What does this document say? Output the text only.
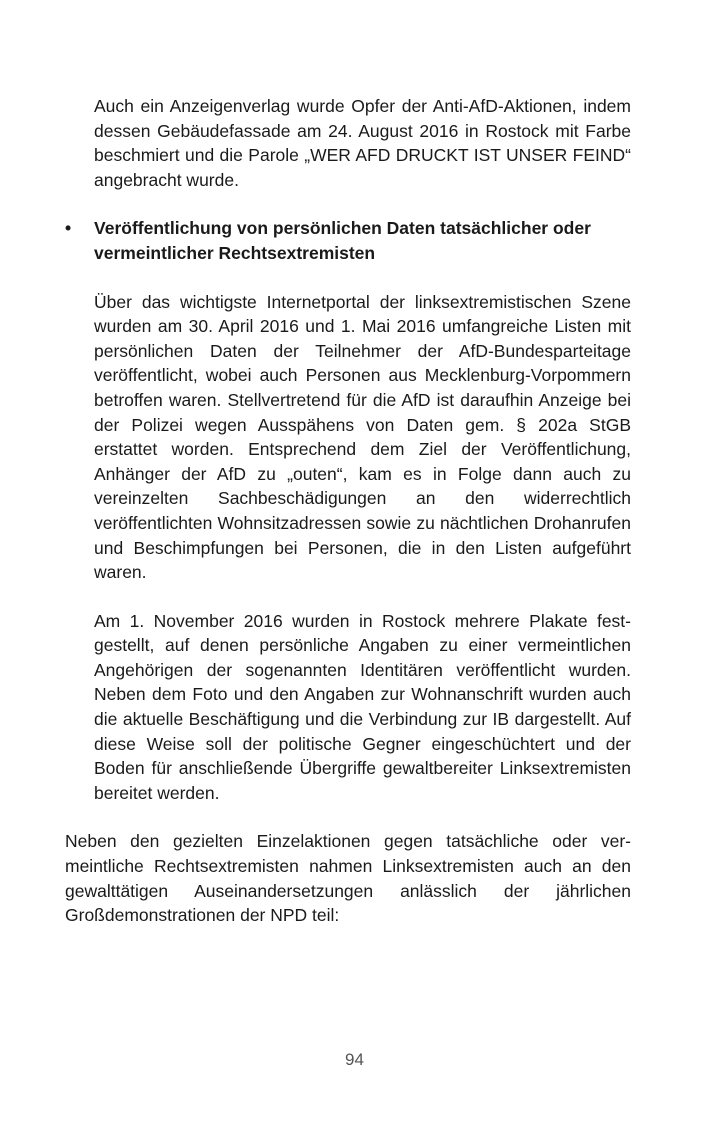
Auch ein Anzeigenverlag wurde Opfer der Anti-AfD-Aktionen, indem dessen Gebäudefassade am 24. August 2016 in Rostock mit Farbe beschmiert und die Parole „WER AFD DRUCKT IST UNSER FEIND“ angebracht wurde.

• Veröffentlichung von persönlichen Daten tatsächlicher oder vermeintlicher Rechtsextremisten

Über das wichtigste Internetportal der linksextremistischen Szene wurden am 30. April 2016 und 1. Mai 2016 umfangreiche Listen mit persönlichen Daten der Teilnehmer der AfD-Bundesparteitage veröffentlicht, wobei auch Personen aus Mecklenburg-Vorpommern betroffen waren. Stellvertretend für die AfD ist daraufhin Anzeige bei der Polizei wegen Ausspähens von Daten gem. § 202a StGB erstattet worden. Entsprechend dem Ziel der Veröffentlichung, Anhänger der AfD zu „outen“, kam es in Folge dann auch zu vereinzelten Sachbeschädigungen an den widerrechtlich veröffentlichten Wohnsitzadressen sowie zu nächtlichen Drohanrufen und Beschimpfungen bei Personen, die in den Listen aufgeführt waren.

Am 1. November 2016 wurden in Rostock mehrere Plakate festgestellt, auf denen persönliche Angaben zu einer vermeintlichen Angehörigen der sogenannten Identitären veröffentlicht wurden. Neben dem Foto und den Angaben zur Wohnanschrift wurden auch die aktuelle Beschäftigung und die Verbindung zur IB dargestellt. Auf diese Weise soll der politische Gegner eingeschüchtert und der Boden für anschließende Übergriffe gewaltbereiter Linksextremisten bereitet werden.

Neben den gezielten Einzelaktionen gegen tatsächliche oder vermeintliche Rechtsextremisten nahmen Linksextremisten auch an den gewalttätigen Auseinandersetzungen anlässlich der jährlichen Großdemonstrationen der NPD teil:

94
